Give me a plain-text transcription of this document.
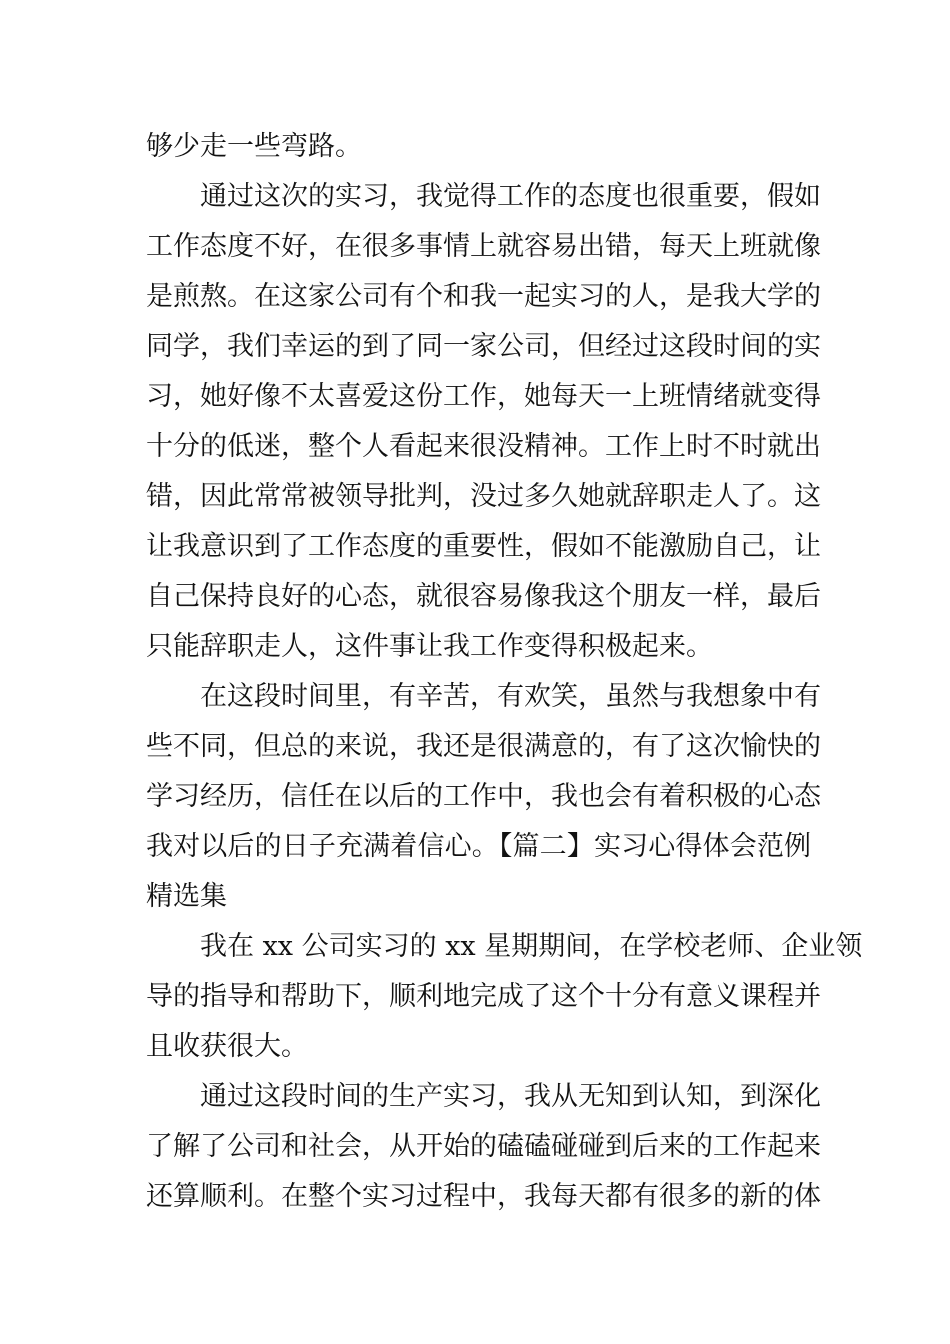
够少走一些弯路。
　　通过这次的实习，我觉得工作的态度也很重要，假如
工作态度不好，在很多事情上就容易出错，每天上班就像
是煎熬。在这家公司有个和我一起实习的人，是我大学的
同学，我们幸运的到了同一家公司，但经过这段时间的实
习，她好像不太喜爱这份工作，她每天一上班情绪就变得
十分的低迷，整个人看起来很没精神。工作上时不时就出
错，因此常常被领导批判，没过多久她就辞职走人了。这
让我意识到了工作态度的重要性，假如不能激励自己，让
自己保持良好的心态，就很容易像我这个朋友一样，最后
只能辞职走人，这件事让我工作变得积极起来。
　　在这段时间里，有辛苦，有欢笑，虽然与我想象中有
些不同，但总的来说，我还是很满意的，有了这次愉快的
学习经历，信任在以后的工作中，我也会有着积极的心态
我对以后的日子充满着信心。【篇二】实习心得体会范例
精选集
　　我在 xx 公司实习的 xx 星期期间，在学校老师、企业领
导的指导和帮助下，顺利地完成了这个十分有意义课程并
且收获很大。
　　通过这段时间的生产实习，我从无知到认知，到深化
了解了公司和社会，从开始的磕磕碰碰到后来的工作起来
还算顺利。在整个实习过程中，我每天都有很多的新的体
